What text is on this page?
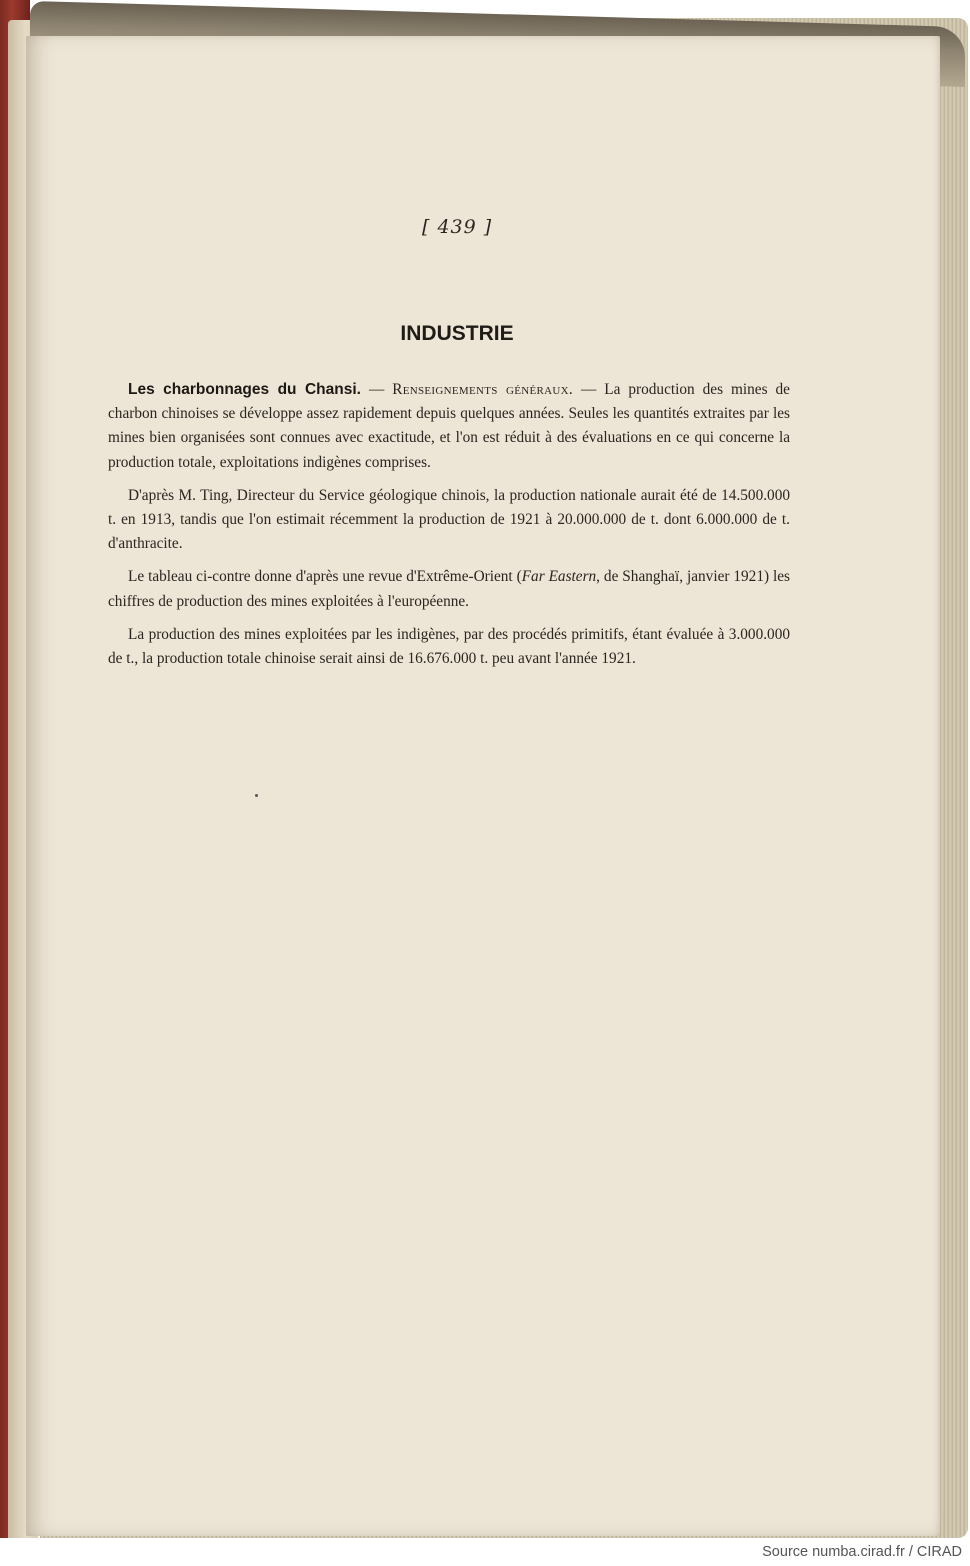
[ 439 ]
INDUSTRIE

Les charbonnages du Chansi. — Renseignements généraux. — La production des mines de charbon chinoises se développe assez rapidement depuis quelques années. Seules les quantités extraites par les mines bien organisées sont connues avec exactitude, et l'on est réduit à des évaluations en ce qui concerne la production totale, exploitations indigènes comprises.

D'après M. Ting, Directeur du Service géologique chinois, la production nationale aurait été de 14.500.000 t. en 1913, tandis que l'on estimait récemment la production de 1921 à 20.000.000 de t. dont 6.000.000 de t. d'anthracite.

Le tableau ci-contre donne d'après une revue d'Extrême-Orient (Far Eastern, de Shanghaï, janvier 1921) les chiffres de production des mines exploitées à l'européenne.

La production des mines exploitées par les indigènes, par des procédés primitifs, étant évaluée à 3.000.000 de t., la production totale chinoise serait ainsi de 16.676.000 t. peu avant l'année 1921.

Source numba.cirad.fr / CIRAD
